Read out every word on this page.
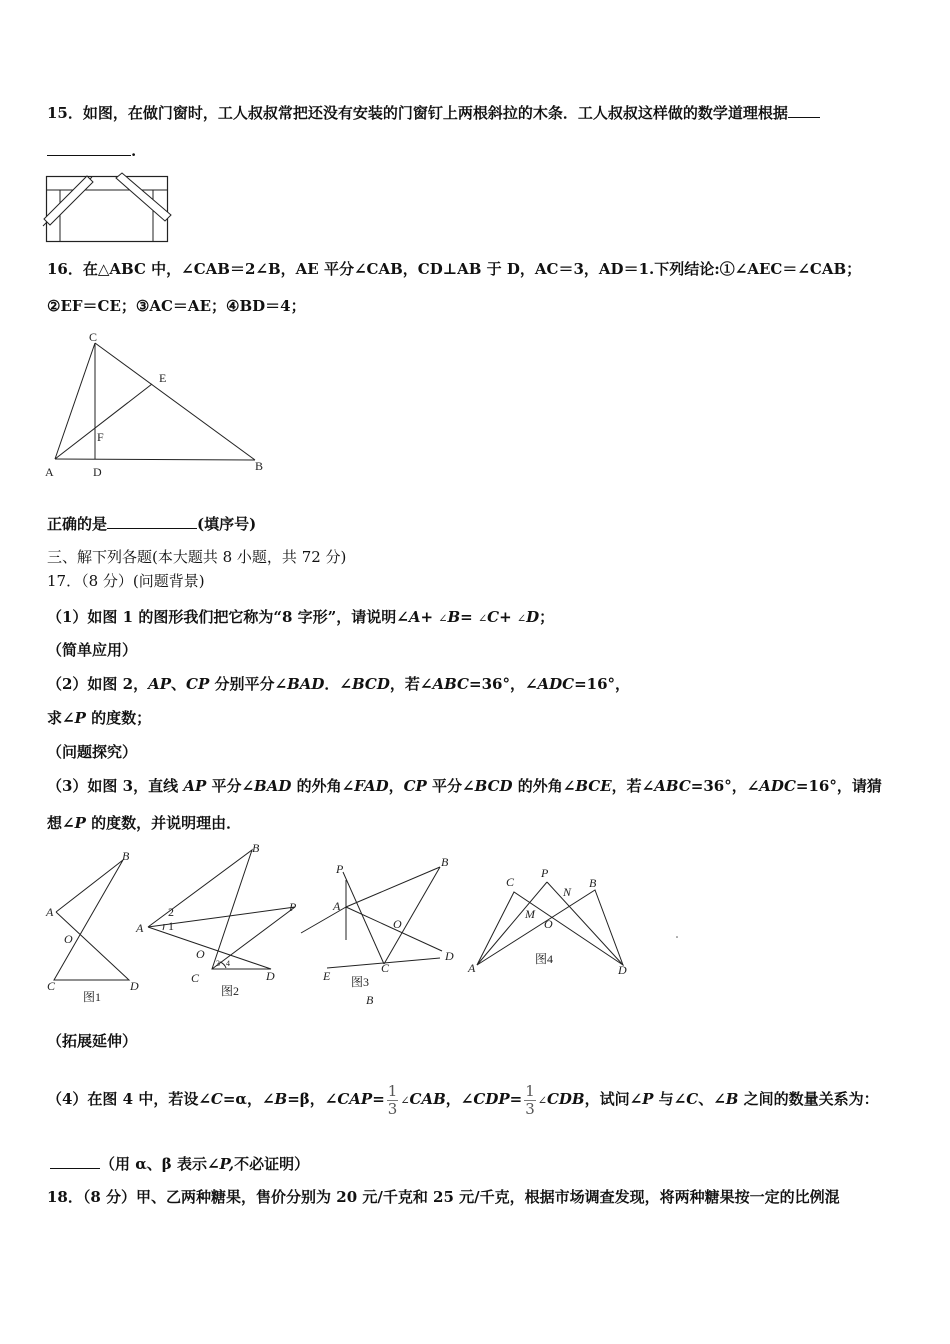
15．如图，在做门窗时，工人叔叔常把还没有安装的门窗钉上两根斜拉的木条．工人叔叔这样做的数学道理根据
.
16．在△ABC 中，∠CAB＝2∠B，AE 平分∠CAB，CD⊥AB 于 D，AC＝3，AD＝1.下列结论:①∠AEC＝∠CAB；
②EF＝CE；③AC＝AE；④BD＝4；
C
E
F
A	D	B
正确的是	(填序号)
三、解下列各题(本大题共 8 小题，共 72 分)
17．（8 分）(问题背景)
（1）如图 1 的图形我们把它称为“8 字形”，请说明∠A+ ∠B= ∠C+ ∠D；
（简单应用）
（2）如图 2，AP、CP 分别平分∠BAD．∠BCD，若∠ABC=36°，∠ADC=16°，
求∠P 的度数；
（问题探究）
（3）如图 3，直线 AP 平分∠BAD 的外角∠FAD，CP 平分∠BCD 的外角∠BCE，若∠ABC=36°，∠ADC=16°，请猜
想∠P 的度数，并说明理由．
B
A
O
C	D
B
P
A
O
C	D
P	B
A
O
D
C
E
B
C
P
N
B
M
O
A	D
2
1
3 4
图1	图2
图3
图4
（拓展延伸）
（4）在图 4 中，若设∠C=α，∠B=β，∠CAP= $\frac{1}{3}$ ∠CAB，∠CDP= $\frac{1}{3}$ ∠CDB，试问∠P 与∠C、∠B 之间的数量关系为：
（用 α、β 表示∠P,不必证明）
18．（8 分）甲、乙两种糖果，售价分别为 20 元/千克和 25 元/千克，根据市场调查发现，将两种糖果按一定的比例混
